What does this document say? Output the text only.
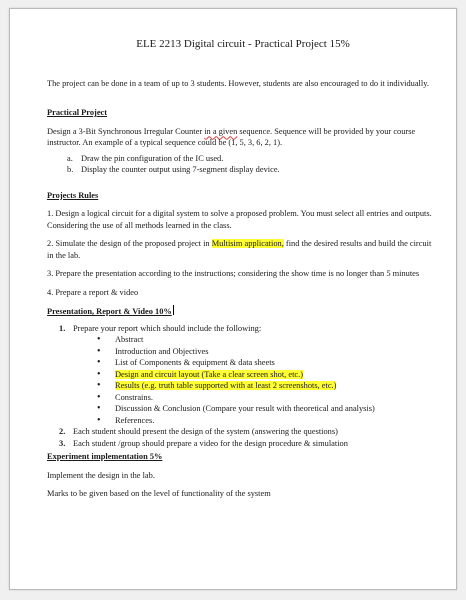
ELE 2213 Digital circuit - Practical Project 15%

The project can be done in a team of up to 3 students. However, students are also encouraged to do it individually.

Practical Project

Design a 3-Bit Synchronous Irregular Counter in a given sequence. Sequence will be provided by your course instructor. An example of a typical sequence could be (1, 5, 3, 6, 2, 1).

a. Draw the pin configuration of the IC used.
b. Display the counter output using 7-segment display device.

Projects Rules

1. Design a logical circuit for a digital system to solve a proposed problem. You must select all entries and outputs. Considering the use of all methods learned in the class.

2. Simulate the design of the proposed project in Multisim application, find the desired results and build the circuit in the lab.

3. Prepare the presentation according to the instructions; considering the show time is no longer than 5 minutes

4. Prepare a report & video

Presentation, Report & Video 10%

1. Prepare your report which should include the following:
• Abstract
• Introduction and Objectives
• List of Components & equipment & data sheets
• Design and circuit layout (Take a clear screen shot, etc.)
• Results (e.g. truth table supported with at least 2 screenshots, etc.)
• Constrains.
• Discussion & Conclusion (Compare your result with theoretical and analysis)
• References.
2. Each student should present the design of the system (answering the questions)
3. Each student /group should prepare a video for the design procedure & simulation

Experiment implementation 5%

Implement the design in the lab.

Marks to be given based on the level of functionality of the system
